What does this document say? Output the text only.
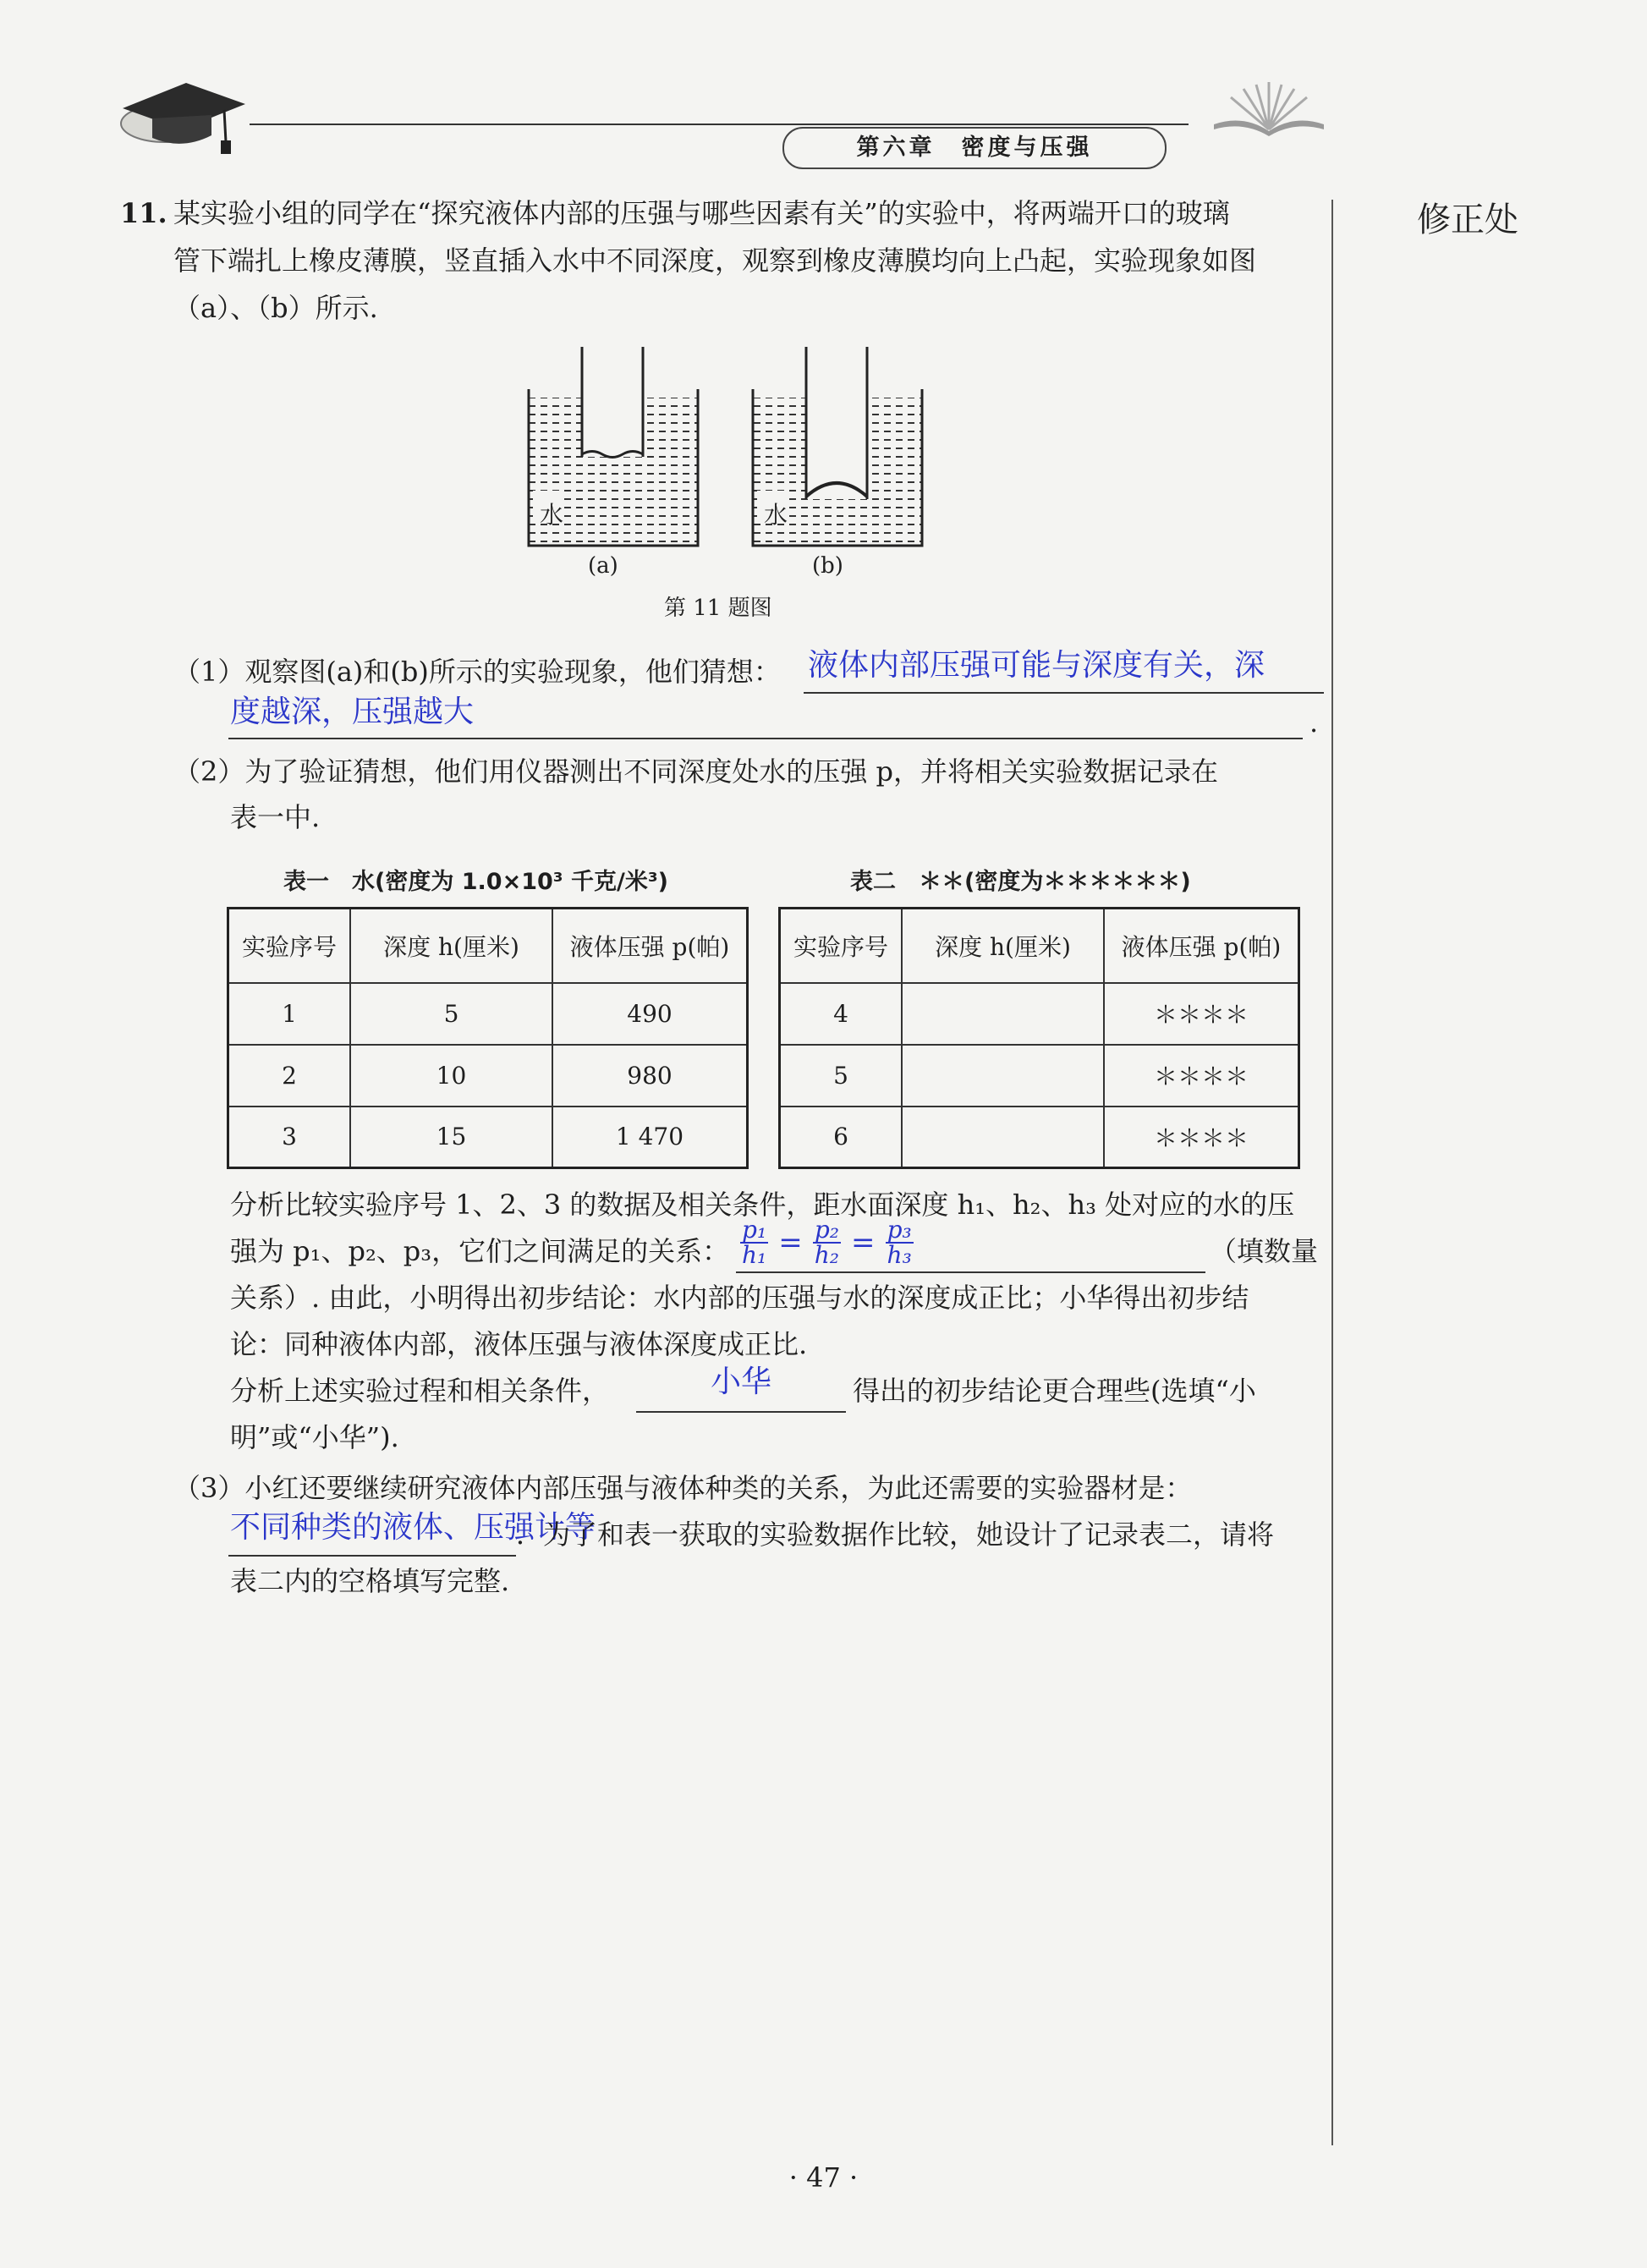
第六章　密度与压强
修正处
11. 某实验小组的同学在“探究液体内部的压强与哪些因素有关”的实验中，将两端开口的玻璃
管下端扎上橡皮薄膜，竖直插入水中不同深度，观察到橡皮薄膜均向上凸起，实验现象如图
（a）、（b）所示.
水	水
(a)	(b)
第 11 题图
（1）观察图(a)和(b)所示的实验现象，他们猜想： 液体内部压强可能与深度有关，深
度越深，压强越大	.
（2）为了验证猜想，他们用仪器测出不同深度处水的压强 p，并将相关实验数据记录在
表一中.
表一　水(密度为 1.0×10³ 千克/米³)
实验序号	深度 h(厘米)	液体压强 p(帕)
1	5	490
2	10	980
3	15	1 470
表二　＊＊(密度为＊＊＊＊＊＊)
实验序号	深度 h(厘米)	液体压强 p(帕)
4		＊＊＊＊
5		＊＊＊＊
6		＊＊＊＊
分析比较实验序号 1、2、3 的数据及相关条件，距水面深度 h₁、h₂、h₃ 处对应的水的压
强为 p₁、p₂、p₃，它们之间满足的关系： $\frac{\text{p₁}}{\text{h₁}} = \frac{\text{p₂}}{\text{h₂}} = \frac{\text{p₃}}{\text{h₃}}$	（填数量
关系）. 由此，小明得出初步结论：水内部的压强与水的深度成正比；小华得出初步结
论：同种液体内部，液体压强与液体深度成正比.
分析上述实验过程和相关条件，	小华	得出的初步结论更合理些(选填“小
明”或“小华”).
（3）小红还要继续研究液体内部压强与液体种类的关系，为此还需要的实验器材是：
不同种类的液体、压强计等
．为了和表一获取的实验数据作比较，她设计了记录表二，请将
表二内的空格填写完整.
· 47 ·
